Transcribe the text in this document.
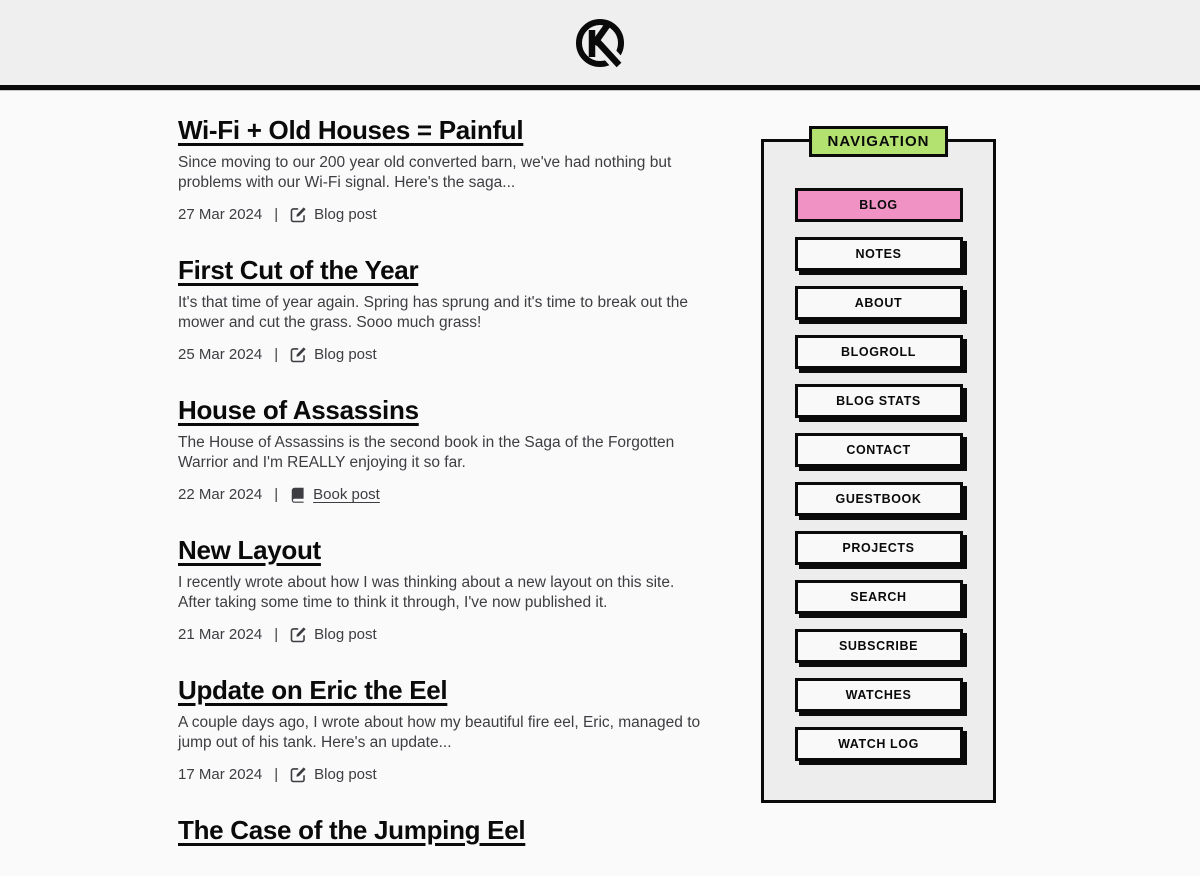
Wi-Fi + Old Houses = Painful

Since moving to our 200 year old converted barn, we've had nothing but problems with our Wi-Fi signal. Here's the saga...

27 Mar 2024 | Blog post
First Cut of the Year

It's that time of year again. Spring has sprung and it's time to break out the mower and cut the grass. Sooo much grass!

25 Mar 2024 | Blog post
House of Assassins

The House of Assassins is the second book in the Saga of the Forgotten Warrior and I'm REALLY enjoying it so far.

22 Mar 2024 | Book post
New Layout

I recently wrote about how I was thinking about a new layout on this site. After taking some time to think it through, I've now published it.

21 Mar 2024 | Blog post
Update on Eric the Eel

A couple days ago, I wrote about how my beautiful fire eel, Eric, managed to jump out of his tank. Here's an update...

17 Mar 2024 | Blog post
The Case of the Jumping Eel
NAVIGATION
BLOG
NOTES
ABOUT
BLOGROLL
BLOG STATS
CONTACT
GUESTBOOK
PROJECTS
SEARCH
SUBSCRIBE
WATCHES
WATCH LOG
